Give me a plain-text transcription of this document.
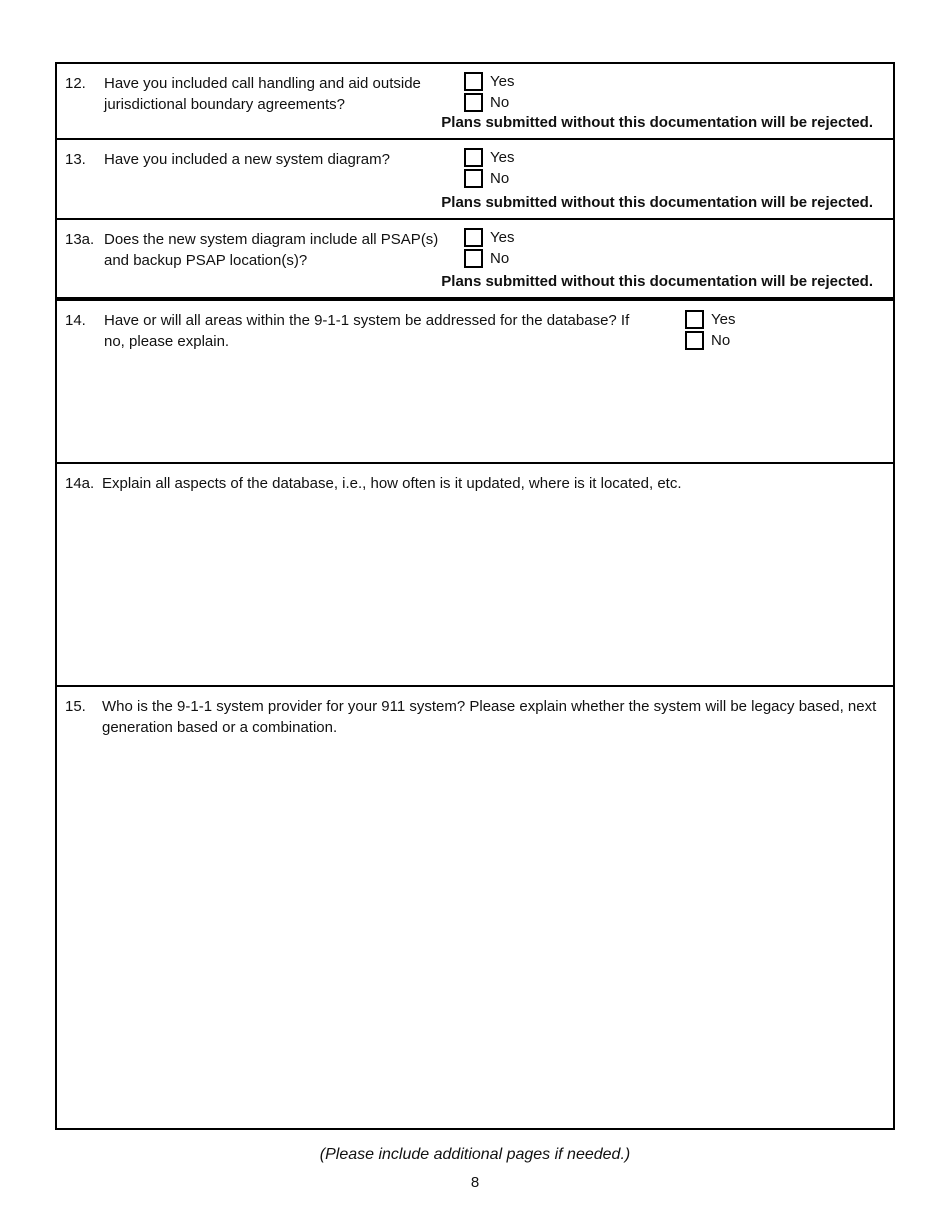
12. Have you included call handling and aid outside jurisdictional boundary agreements?
Yes
No
Plans submitted without this documentation will be rejected.
13. Have you included a new system diagram?	Yes
No
Plans submitted without this documentation will be rejected.
13a. Does the new system diagram include all PSAP(s) and backup PSAP location(s)?
Yes
No
Plans submitted without this documentation will be rejected.
14. Have or will all areas within the 9-1-1 system be addressed for the database? If no, please explain.
Yes
No
14a. Explain all aspects of the database, i.e., how often is it updated, where is it located, etc.
15. Who is the 9-1-1 system provider for your 911 system? Please explain whether the system will be legacy based, next generation based or a combination.
(Please include additional pages if needed.)
8
